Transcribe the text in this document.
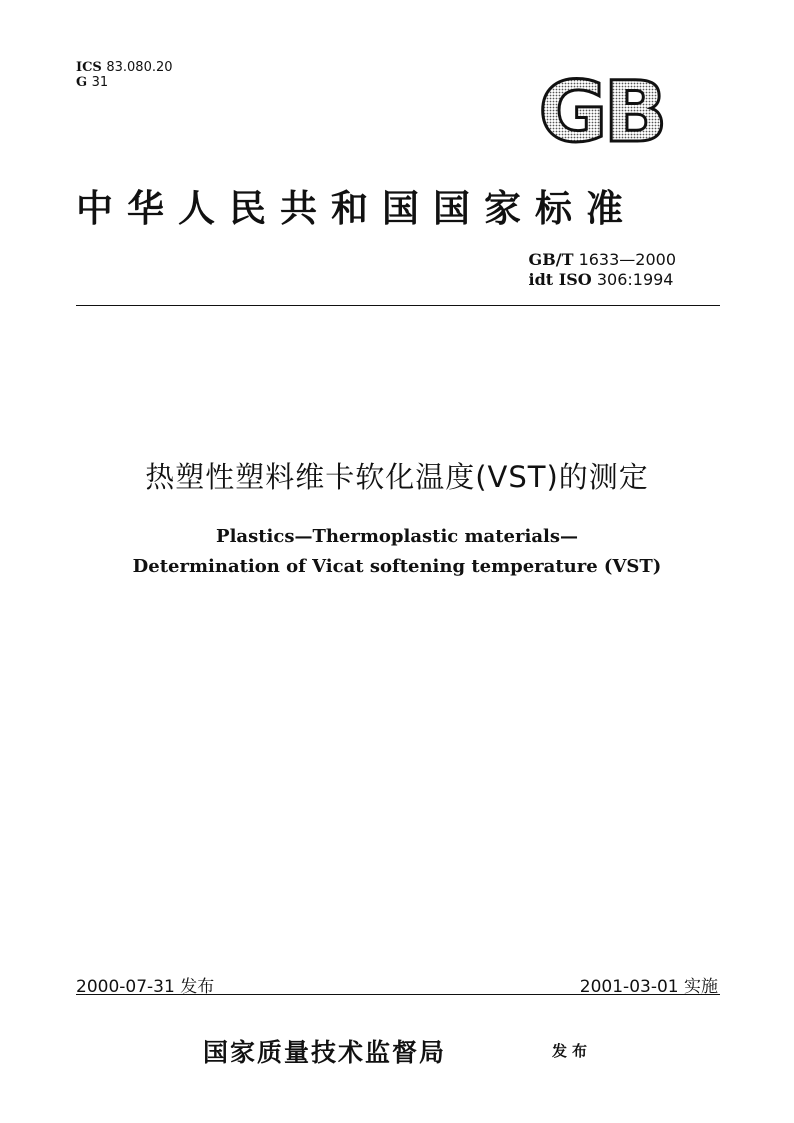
ICS 83.080.20
G 31	GB
中华人民共和国国家标准
GB/T 1633—2000
idt ISO 306:1994
热塑性塑料维卡软化温度(VST)的测定
Plastics—Thermoplastic materials—
Determination of Vicat softening temperature (VST)
2000-07-31 发布	2001-03-01 实施
国家质量技术监督局	发布
